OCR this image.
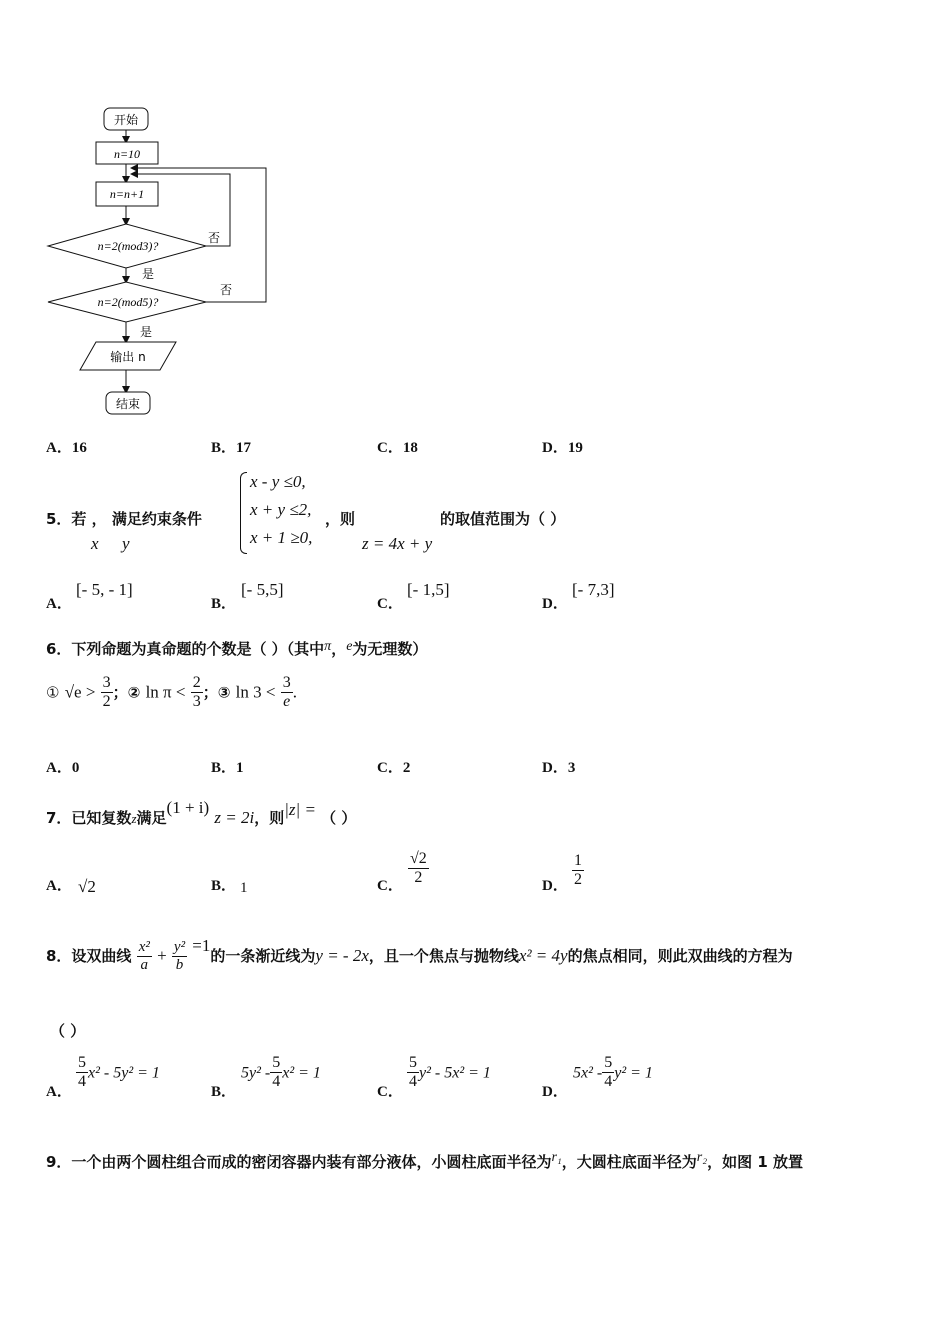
开始
n=10
n=n+1
n=2(mod3)?
否
是
n=2(mod5)?
否
是
输出 n
结束
A．16	B．17	C．18	D．19
5．若 ， 满足约束条件
x y
x - y ≤0,
x + y ≤2,
x + 1 ≥0,
，则
z = 4x + y
的取值范围为（ ）
A．
[- 5, - 1]
B．
[- 5,5]
C．
[- 1,5]
D．
[- 7,3]
6．下列命题为真命题的个数是（ ）（其中π，e为无理数）
① $√e > \frac{3}{2}$ ；② $\ln \pi < \frac{2}{3}$ ；③ $\ln 3 < \frac{3}{e}$ .
A．0	B．1	C．2	D．3
7．已知复数z满足(1 + i) z = 2i，则|z| = （ ）
A． √2	B． 1	C． $\frac{√2}{2}$	D． $\frac{1}{2}$
8．设双曲线 $\frac{\text{x²}}{a} + \frac{\text{y²}}{b} =1$的一条渐近线为y = - 2x，且一个焦点与抛物线x² = 4y的焦点相同，则此双曲线的方程为
（ ）
A．
$\frac{5}{4} x^2 - 5y^2 = 1$
B．
$5y^2 - \frac{5}{4} x^2 = 1$
C．
$\frac{5}{4} y^2 - 5x^2 = 1$
D．
$5x^2 - \frac{5}{4} y^2 = 1$
9．一个由两个圆柱组合而成的密闭容器内装有部分液体，小圆柱底面半径为r₁，大圆柱底面半径为r₂，如图 1 放置
